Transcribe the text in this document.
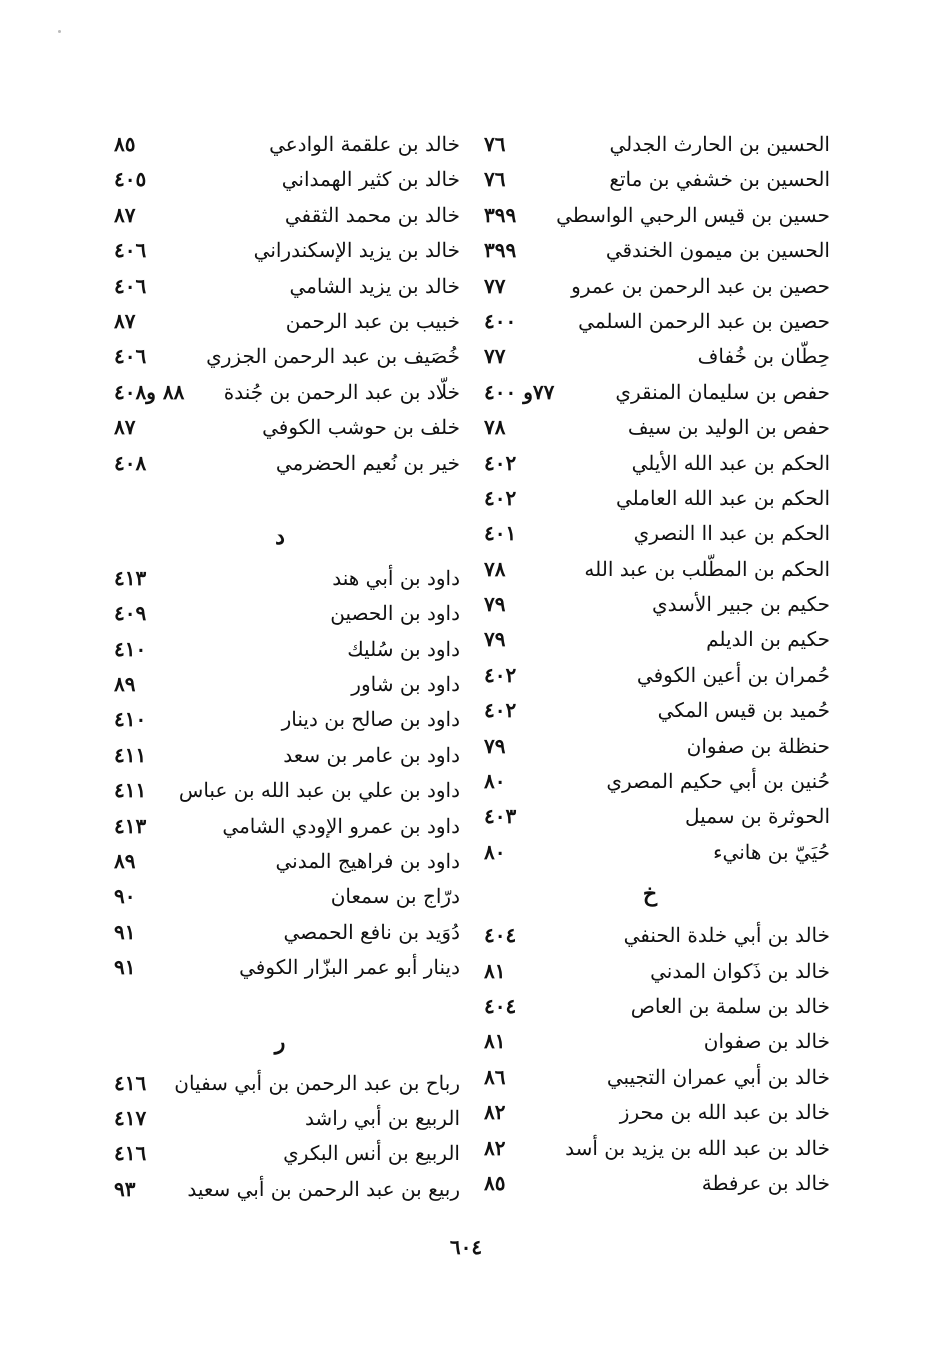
الحسين بن الحارث الجدلي
٧٦
الحسين بن خشفي بن ماتع
٧٦
حسين بن قيس الرحبي الواسطي
٣٩٩
الحسين بن ميمون الخندقي
٣٩٩
حصين بن عبد الرحمن بن عمرو
٧٧
حصين بن عبد الرحمن السلمي
٤٠٠
حِطّان بن خُفاف
٧٧
حفص بن سليمان المنقري
٧٧و ٤٠٠
حفص بن الوليد بن سيف
٧٨
الحكم بن عبد الله الأيلي
٤٠٢
الحكم بن عبد الله العاملي
٤٠٢
الحكم بن عبد اا النصري
٤٠١
الحكم بن المطّلب بن عبد الله
٧٨
حكيم بن جبير الأسدي
٧٩
حكيم بن الديلم
٧٩
حُمران بن أعين الكوفي
٤٠٢
حُميد بن قيس المكي
٤٠٢
حنظلة بن صفوان
٧٩
حُنين بن أبي حكيم المصري
٨٠
الحوثرة بن سميل
٤٠٣
حُيَيّ بن هانيء
٨٠
خ
خالد بن أبي خلدة الحنفي
٤٠٤
خالد بن ذَكوان المدني
٨١
خالد بن سلمة بن العاص
٤٠٤
خالد بن صفوان
٨١
خالد بن أبي عمران التجيبي
٨٦
خالد بن عبد الله بن محرز
٨٢
خالد بن عبد الله بن يزيد بن أسد
٨٢
خالد بن عرفطة
٨٥
خالد بن علقمة الوادعي
٨٥
خالد بن كثير الهمداني
٤٠٥
خالد بن محمد الثقفي
٨٧
خالد بن يزيد الإسكندراني
٤٠٦
خالد بن يزيد الشامي
٤٠٦
خبيب بن عبد الرحمن
٨٧
خُصَيف بن عبد الرحمن الجزري
٤٠٦
خلّاد بن عبد الرحمن بن جُندة
٨٨ و٤٠٨
خلف بن حوشب الكوفي
٨٧
خير بن نُعيم الحضرمي
٤٠٨
د
داود بن أبي هند
٤١٣
داود بن الحصين
٤٠٩
داود بن سُليك
٤١٠
داود بن شاور
٨٩
داود بن صالح بن دينار
٤١٠
داود بن عامر بن سعد
٤١١
داود بن علي بن عبد الله بن عباس
٤١١
داود بن عمرو الإودي الشامي
٤١٣
داود بن فراهيج المدني
٨٩
درّاج بن سمعان
٩٠
دُوَيد بن نافع الحمصي
٩١
دينار أبو عمر البزّار الكوفي
٩١
ر
رباح بن عبد الرحمن بن أبي سفيان
٤١٦
الربيع بن أبي راشد
٤١٧
الربيع بن أنس البكري
٤١٦
ربيع بن عبد الرحمن بن أبي سعيد
٩٣
٦٠٤
